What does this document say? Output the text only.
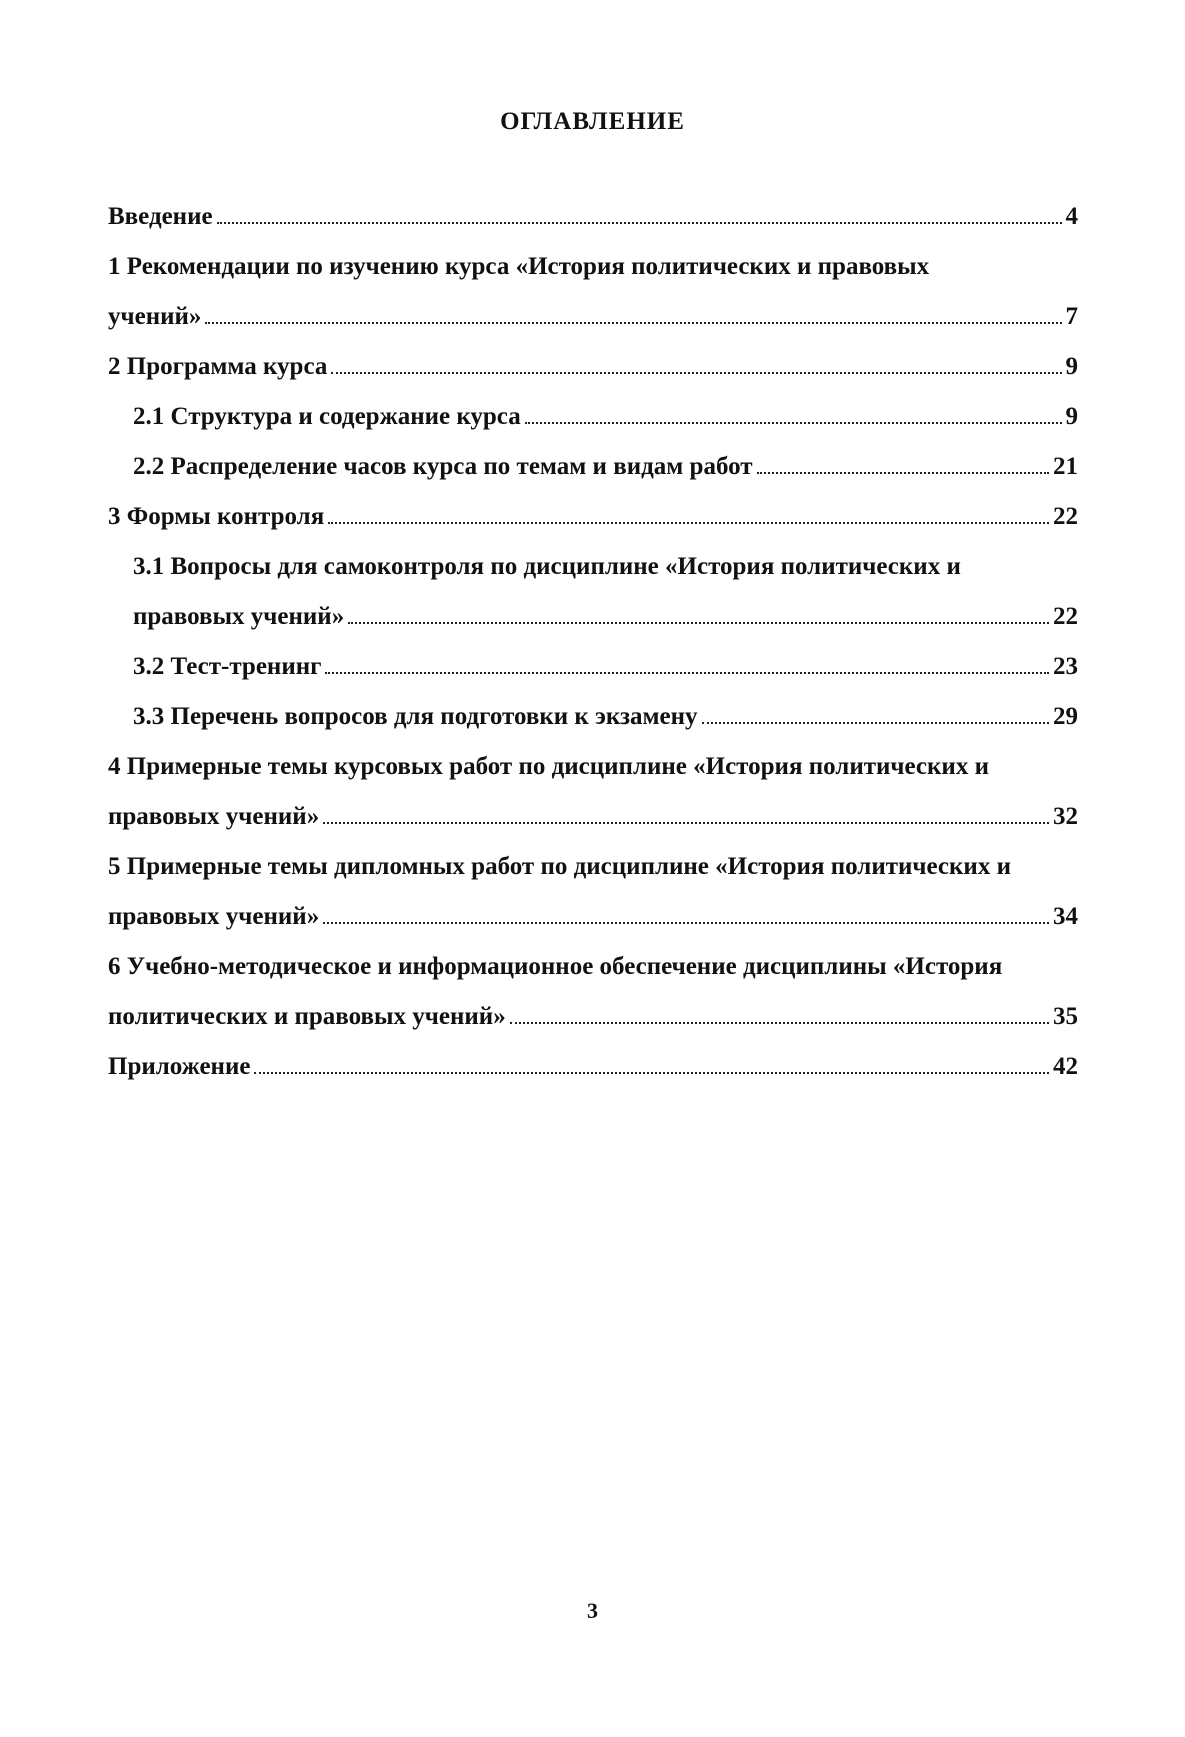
ОГЛАВЛЕНИЕ
Введение	4
1 Рекомендации по изучению курса «История политических и правовых
учений»	7
2 Программа курса	9
2.1 Структура и содержание курса	9
2.2 Распределение часов курса по темам и видам работ	21
3 Формы контроля	22
3.1 Вопросы для самоконтроля по дисциплине «История политических и
правовых учений»	22
3.2 Тест-тренинг	23
3.3 Перечень вопросов для подготовки к экзамену	29
4 Примерные темы курсовых работ по дисциплине «История политических и
правовых учений»	32
5 Примерные темы дипломных работ по дисциплине «История политических и
правовых учений»	34
6 Учебно-методическое и информационное обеспечение дисциплины «История
политических и правовых учений»	35
Приложение	42
3
